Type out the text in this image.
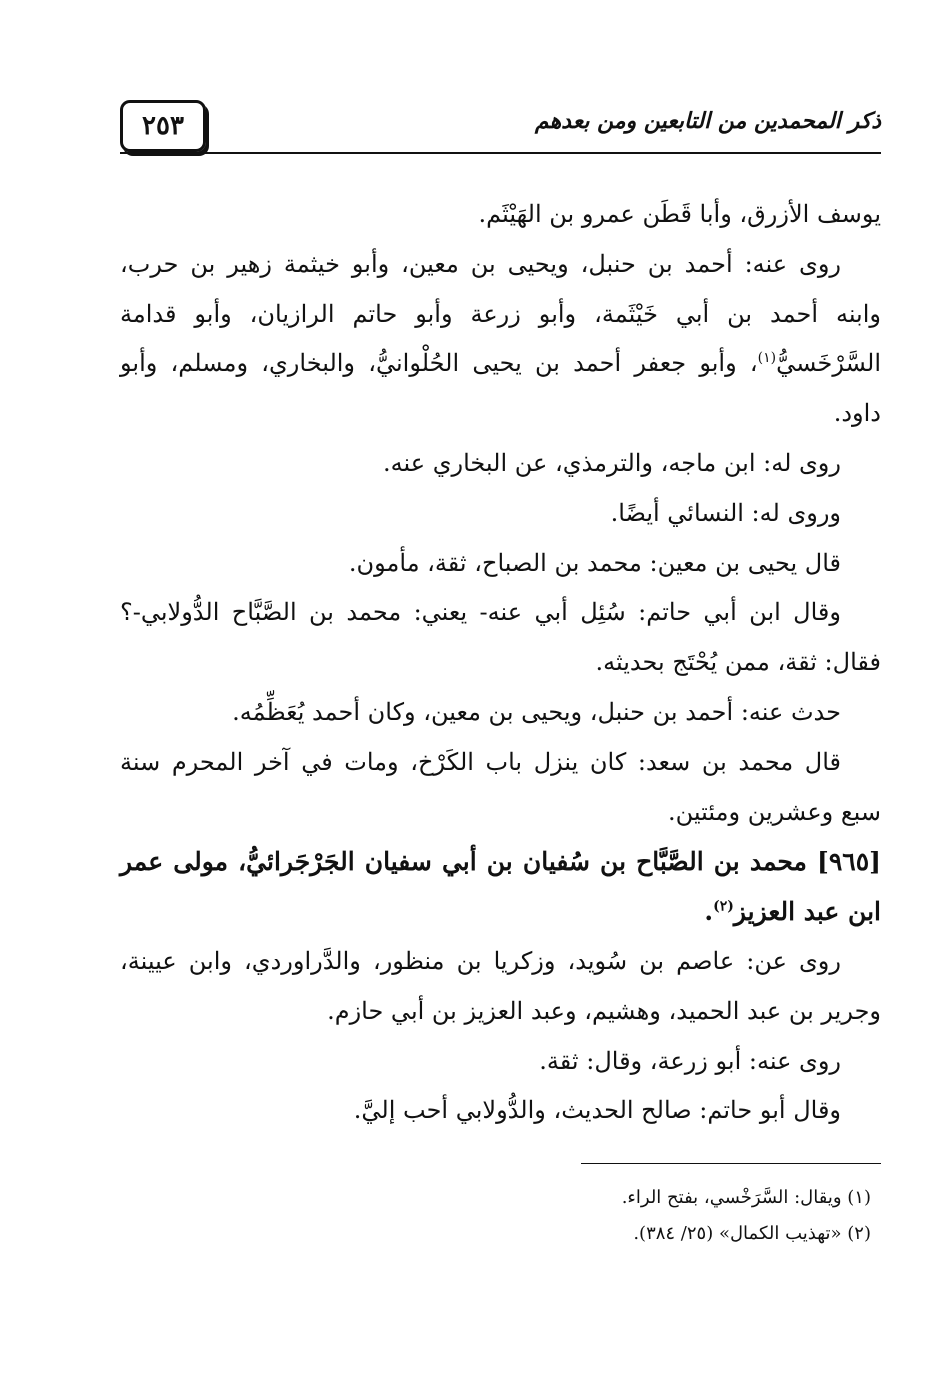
٢٥٣	ذكر المحمدين من التابعين ومن بعدهم

يوسف الأزرق، وأبا قَطَن عمرو بن الهَيْثَم.

روى عنه: أحمد بن حنبل، ويحيى بن معين، وأبو خيثمة زهير بن حرب، وابنه أحمد بن أبي خَيْثَمة، وأبو زرعة وأبو حاتم الرازيان، وأبو قدامة السَّرْخَسيُّ$^{(١)}$، وأبو جعفر أحمد بن يحيى الحُلْوانيُّ، والبخاري، ومسلم، وأبو داود.

روى له: ابن ماجه، والترمذي، عن البخاري عنه.

وروى له: النسائي أيضًا.

قال يحيى بن معين: محمد بن الصباح، ثقة، مأمون.

وقال ابن أبي حاتم: سُئِل أبي عنه- يعني: محمد بن الصَّبَّاح الدُّولابي-؟ فقال: ثقة، ممن يُحْتَج بحديثه.

حدث عنه: أحمد بن حنبل، ويحيى بن معين، وكان أحمد يُعَظِّمُه.

قال محمد بن سعد: كان ينزل باب الكَرْخ، ومات في آخر المحرم سنة سبع وعشرين ومئتين.

[٩٦٥] محمد بن الصَّبَّاح بن سُفيان بن أبي سفيان الجَرْجَرائيُّ، مولى عمر ابن عبد العزيز$^{(٢)}$.

روى عن: عاصم بن سُويد، وزكريا بن منظور، والدَّراوردي، وابن عيينة، وجرير بن عبد الحميد، وهشيم، وعبد العزيز بن أبي حازم.

روى عنه: أبو زرعة، وقال: ثقة.

وقال أبو حاتم: صالح الحديث، والدُّولابي أحب إليَّ.

(١) ويقال: السَّرَخْسي، بفتح الراء.

(٢) «تهذيب الكمال» (٢٥/ ٣٨٤).
